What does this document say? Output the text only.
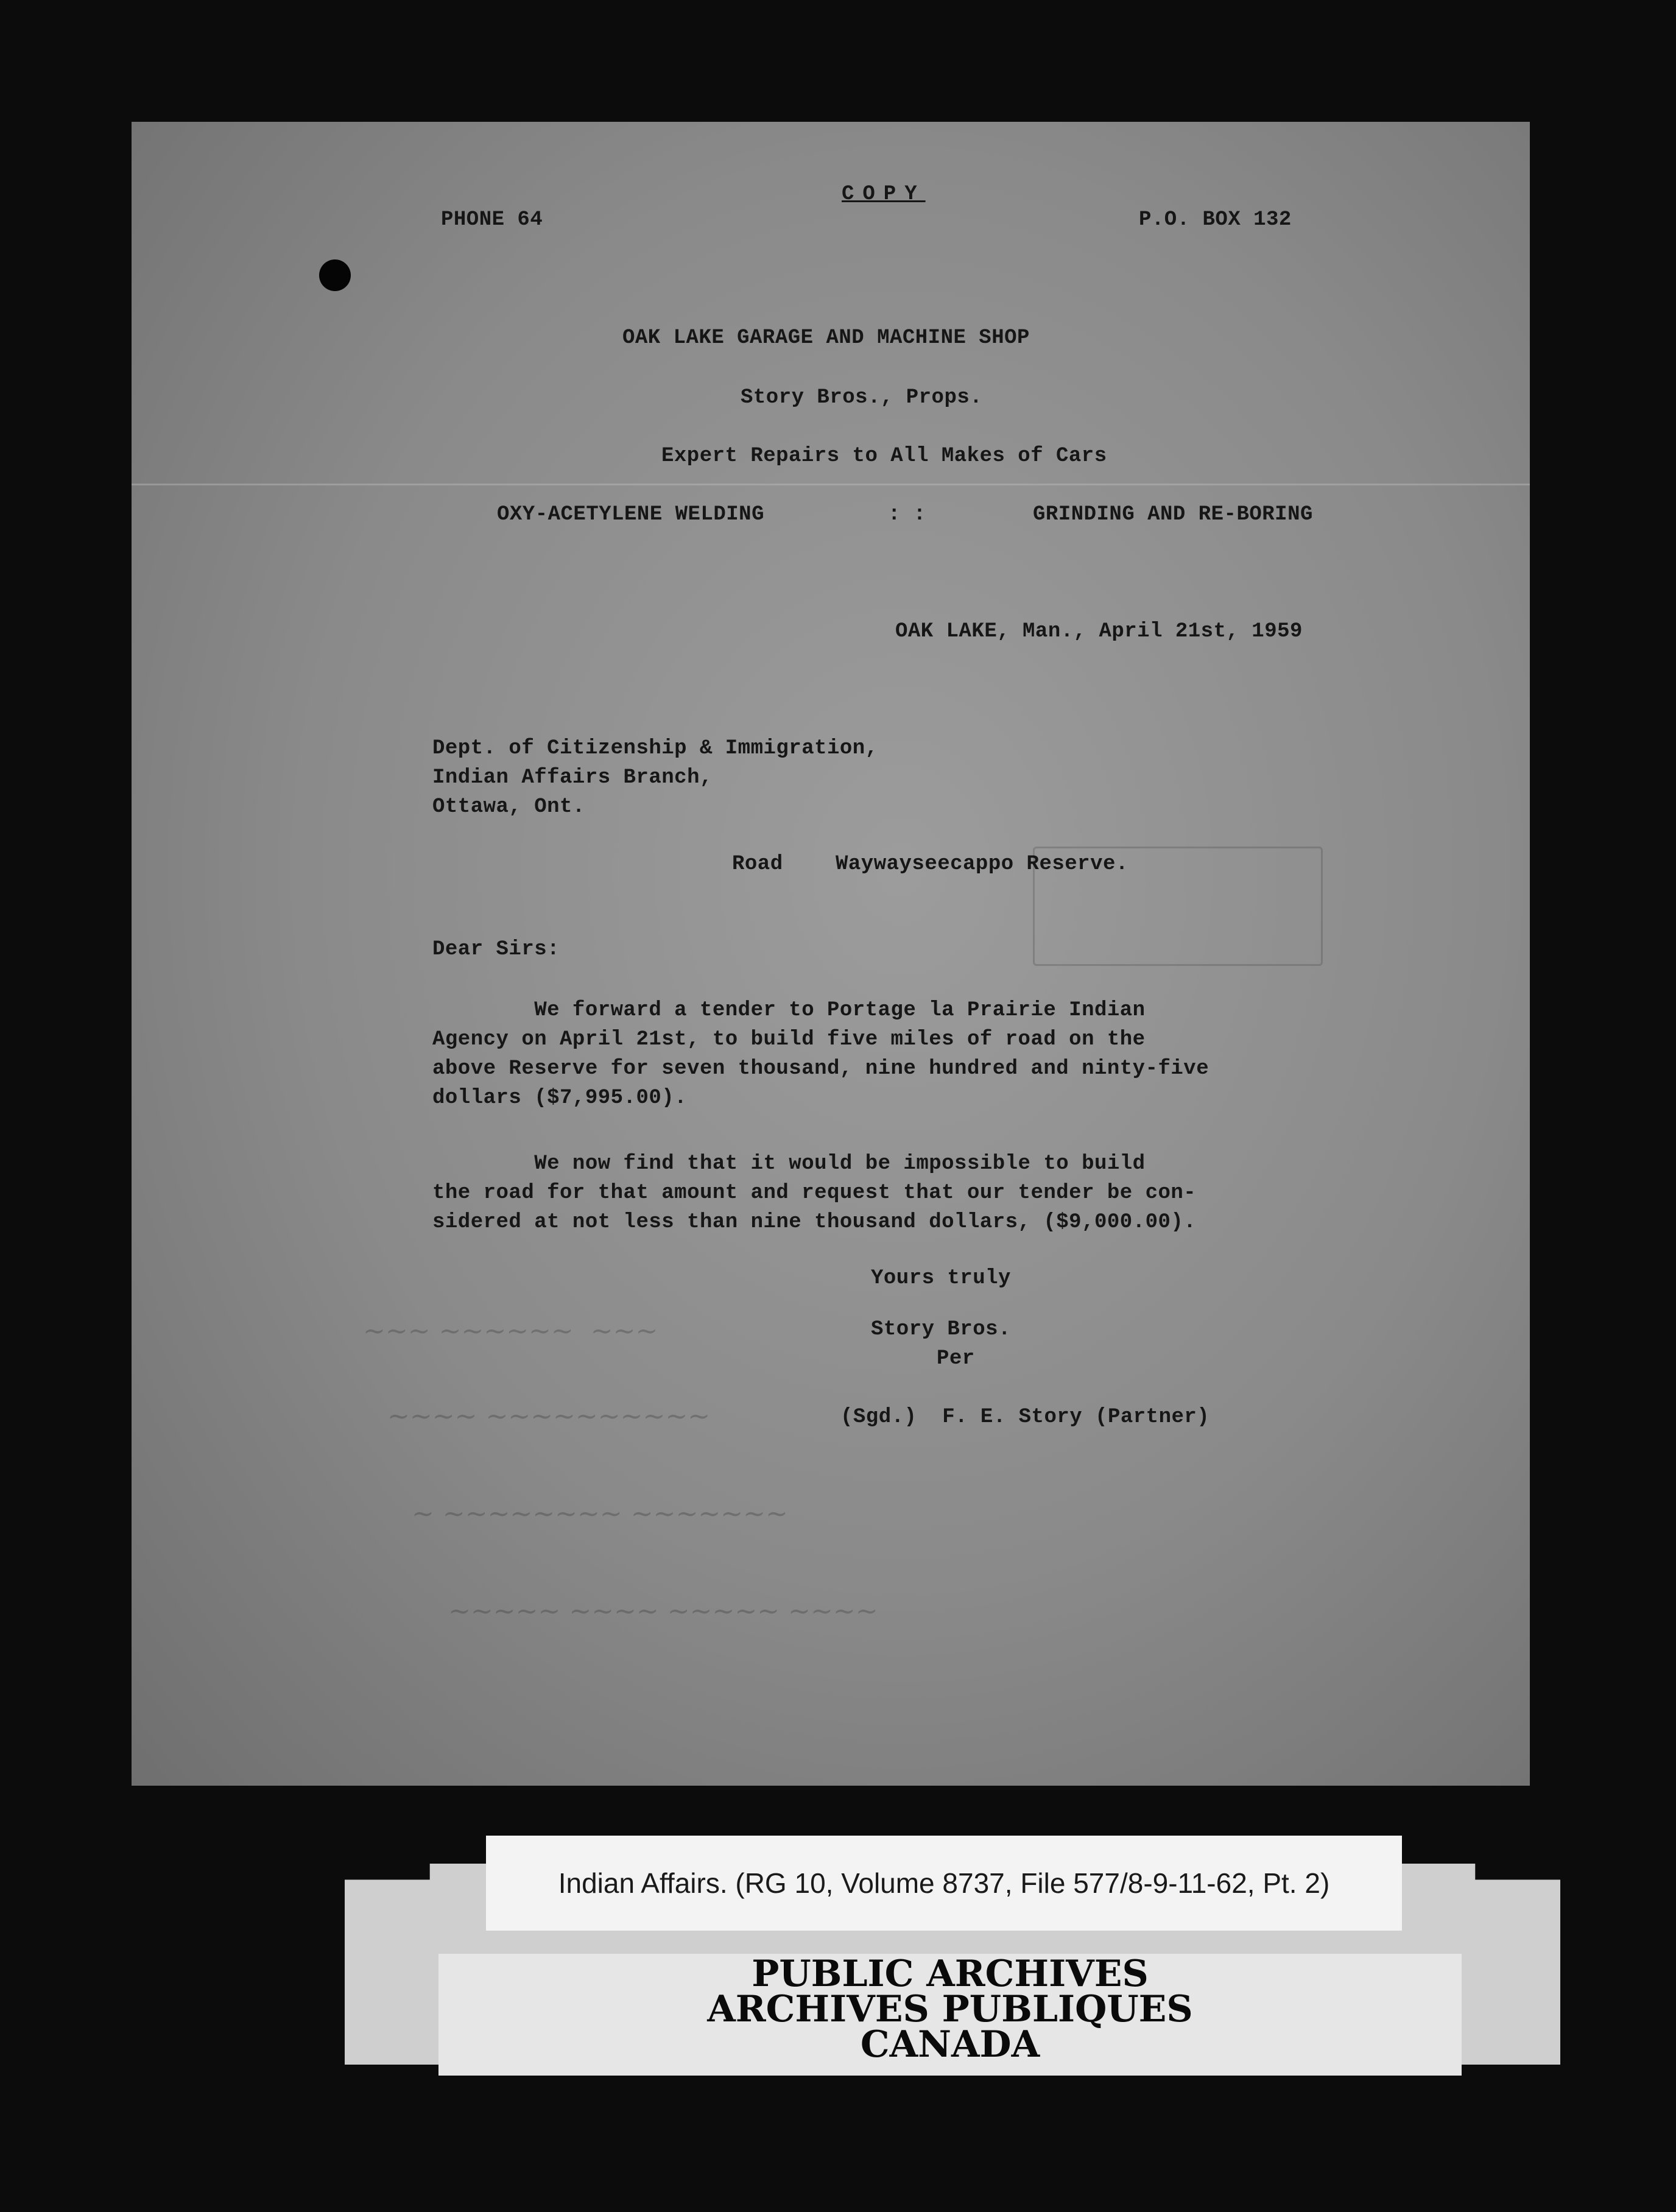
~~~ ~~~~~~  ~~~
~~~~ ~~~~~~~~~~
~ ~~~~~~~~ ~~~~~~~
~~~~~ ~~~~ ~~~~~ ~~~~
COPY
PHONE 64	P.O. BOX 132
OAK LAKE GARAGE AND MACHINE SHOP
Story Bros., Props.
Expert Repairs to All Makes of Cars
OXY-ACETYLENE WELDING	: :	GRINDING AND RE-BORING
OAK LAKE, Man., April 21st, 1959
Dept. of Citizenship & Immigration,
Indian Affairs Branch,
Ottawa, Ont.
Road	Waywayseecappo Reserve.
Dear Sirs:
We forward a tender to Portage la Prairie Indian
Agency on April 21st, to build five miles of road on the
above Reserve for seven thousand, nine hundred and ninty-five
dollars ($7,995.00).
We now find that it would be impossible to build
the road for that amount and request that our tender be con-
sidered at not less than nine thousand dollars, ($9,000.00).
Yours truly
Story Bros.
Per
(Sgd.)  F. E. Story (Partner)
Indian Affairs. (RG 10, Volume 8737, File 577/8-9-11-62, Pt. 2)
PUBLIC ARCHIVES
ARCHIVES PUBLIQUES
CANADA
